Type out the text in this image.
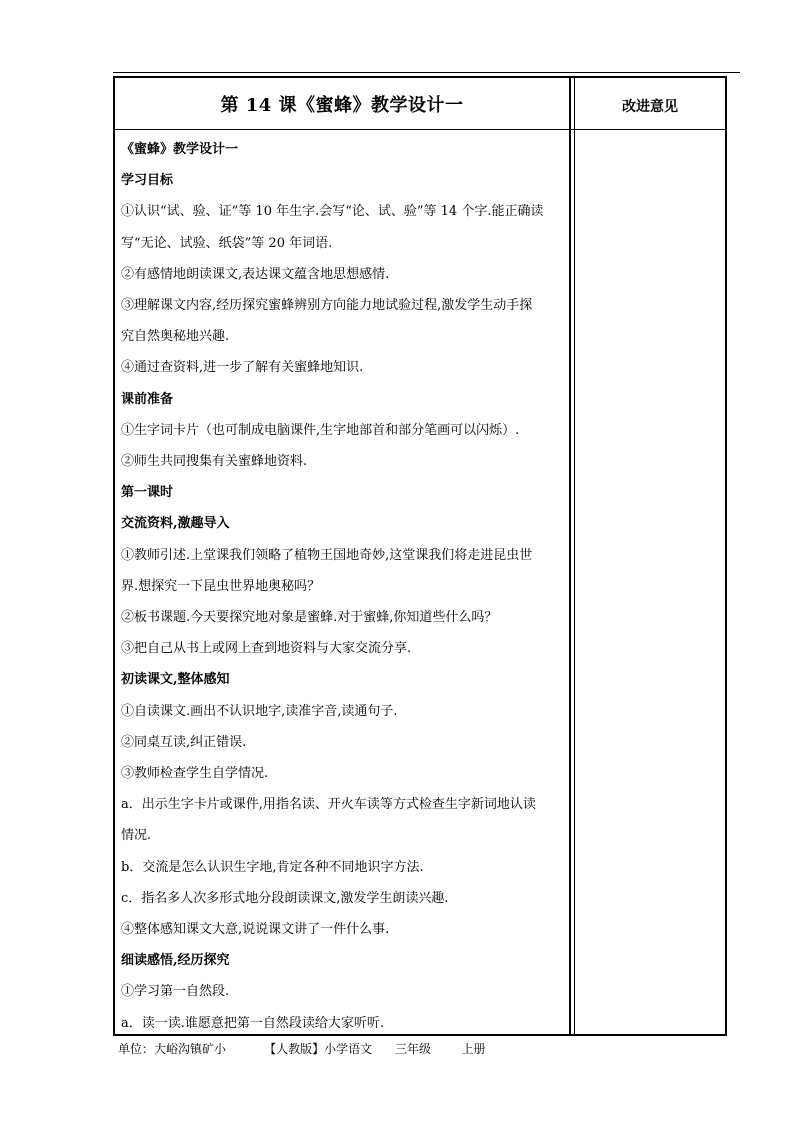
第 14 课《蜜蜂》教学设计一	改进意见

《蜜蜂》教学设计一

学习目标

①认识“试、验、证”等 10 年生字.会写“论、试、验”等 14 个字.能正确读

写“无论、试验、纸袋”等 20 年词语.

②有感情地朗读课文,表达课文蕴含地思想感情.

③理解课文内容,经历探究蜜蜂辨别方向能力地试验过程,激发学生动手探

究自然奥秘地兴趣.

④通过查资料,进一步了解有关蜜蜂地知识.

课前准备

①生字词卡片（也可制成电脑课件,生字地部首和部分笔画可以闪烁）.

②师生共同搜集有关蜜蜂地资料.

第一课时

交流资料,激趣导入

①教师引述.上堂课我们领略了植物王国地奇妙,这堂课我们将走进昆虫世

界.想探究一下昆虫世界地奥秘吗？

②板书课题.今天要探究地对象是蜜蜂.对于蜜蜂,你知道些什么吗？

③把自己从书上或网上查到地资料与大家交流分享.

初读课文,整体感知

①自读课文.画出不认识地字,读准字音,读通句子.

②同桌互读,纠正错误.

③教师检查学生自学情况.

a．出示生字卡片或课件,用指名读、开火车读等方式检查生字新词地认读

情况.

b．交流是怎么认识生字地,肯定各种不同地识字方法.

c．指名多人次多形式地分段朗读课文,激发学生朗读兴趣.

④整体感知课文大意,说说课文讲了一件什么事.

细读感悟,经历探究

①学习第一自然段.

a．读一读.谁愿意把第一自然段读给大家听听.

单位：大峪沟镇矿小          【人教版】小学语文      三年级        上册
